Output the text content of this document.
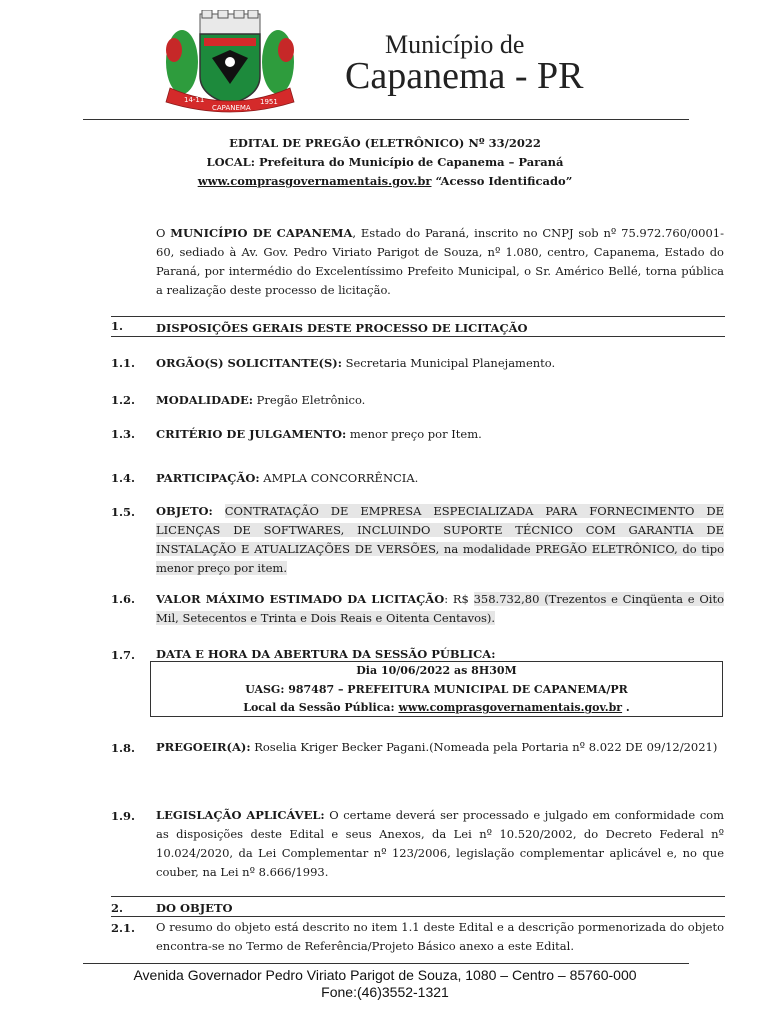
14-11
CAPANEMA
1951
Município de
Capanema - PR
EDITAL DE PREGÃO (ELETRÔNICO) Nº 33/2022
LOCAL: Prefeitura do Município de Capanema – Paraná
www.comprasgovernamentais.gov.br “Acesso Identificado”
O MUNICÍPIO DE CAPANEMA, Estado do Paraná, inscrito no CNPJ sob nº 75.972.760/0001-60, sediado à Av. Gov. Pedro Viriato Parigot de Souza, nº 1.080, centro, Capanema, Estado do Paraná, por intermédio do Excelentíssimo Prefeito Municipal, o Sr. Américo Bellé, torna pública a realização deste processo de licitação.
1.	DISPOSIÇÕES GERAIS DESTE PROCESSO DE LICITAÇÃO
1.1. ORGÃO(S) SOLICITANTE(S): Secretaria Municipal Planejamento.
1.2. MODALIDADE: Pregão Eletrônico.
1.3. CRITÉRIO DE JULGAMENTO: menor preço por Item.
1.4. PARTICIPAÇÃO: AMPLA CONCORRÊNCIA.
1.5. OBJETO: CONTRATAÇÃO DE EMPRESA ESPECIALIZADA PARA FORNECIMENTO DE LICENÇAS DE SOFTWARES, INCLUINDO SUPORTE TÉCNICO COM GARANTIA DE INSTALAÇÃO E ATUALIZAÇÕES DE VERSÕES, na modalidade PREGÃO ELETRÔNICO, do tipo menor preço por item.
1.6. VALOR MÁXIMO ESTIMADO DA LICITAÇÃO: R$ 358.732,80 (Trezentos e Cinqüenta e Oito Mil, Setecentos e Trinta e Dois Reais e Oitenta Centavos).
1.7. DATA E HORA DA ABERTURA DA SESSÃO PÚBLICA:
Dia 10/06/2022 as 8H30M
UASG: 987487 – PREFEITURA MUNICIPAL DE CAPANEMA/PR
Local da Sessão Pública: www.comprasgovernamentais.gov.br .
1.8. PREGOEIR(A): Roselia Kriger Becker Pagani.(Nomeada pela Portaria nº 8.022 DE 09/12/2021)
1.9. LEGISLAÇÃO APLICÁVEL: O certame deverá ser processado e julgado em conformidade com as disposições deste Edital e seus Anexos, da Lei nº 10.520/2002, do Decreto Federal nº 10.024/2020, da Lei Complementar nº 123/2006, legislação complementar aplicável e, no que couber, na Lei nº 8.666/1993.
2.	DO OBJETO
2.1. O resumo do objeto está descrito no item 1.1 deste Edital e a descrição pormenorizada do objeto encontra-se no Termo de Referência/Projeto Básico anexo a este Edital.
Avenida Governador Pedro Viriato Parigot de Souza, 1080 – Centro – 85760-000
Fone:(46)3552-1321
